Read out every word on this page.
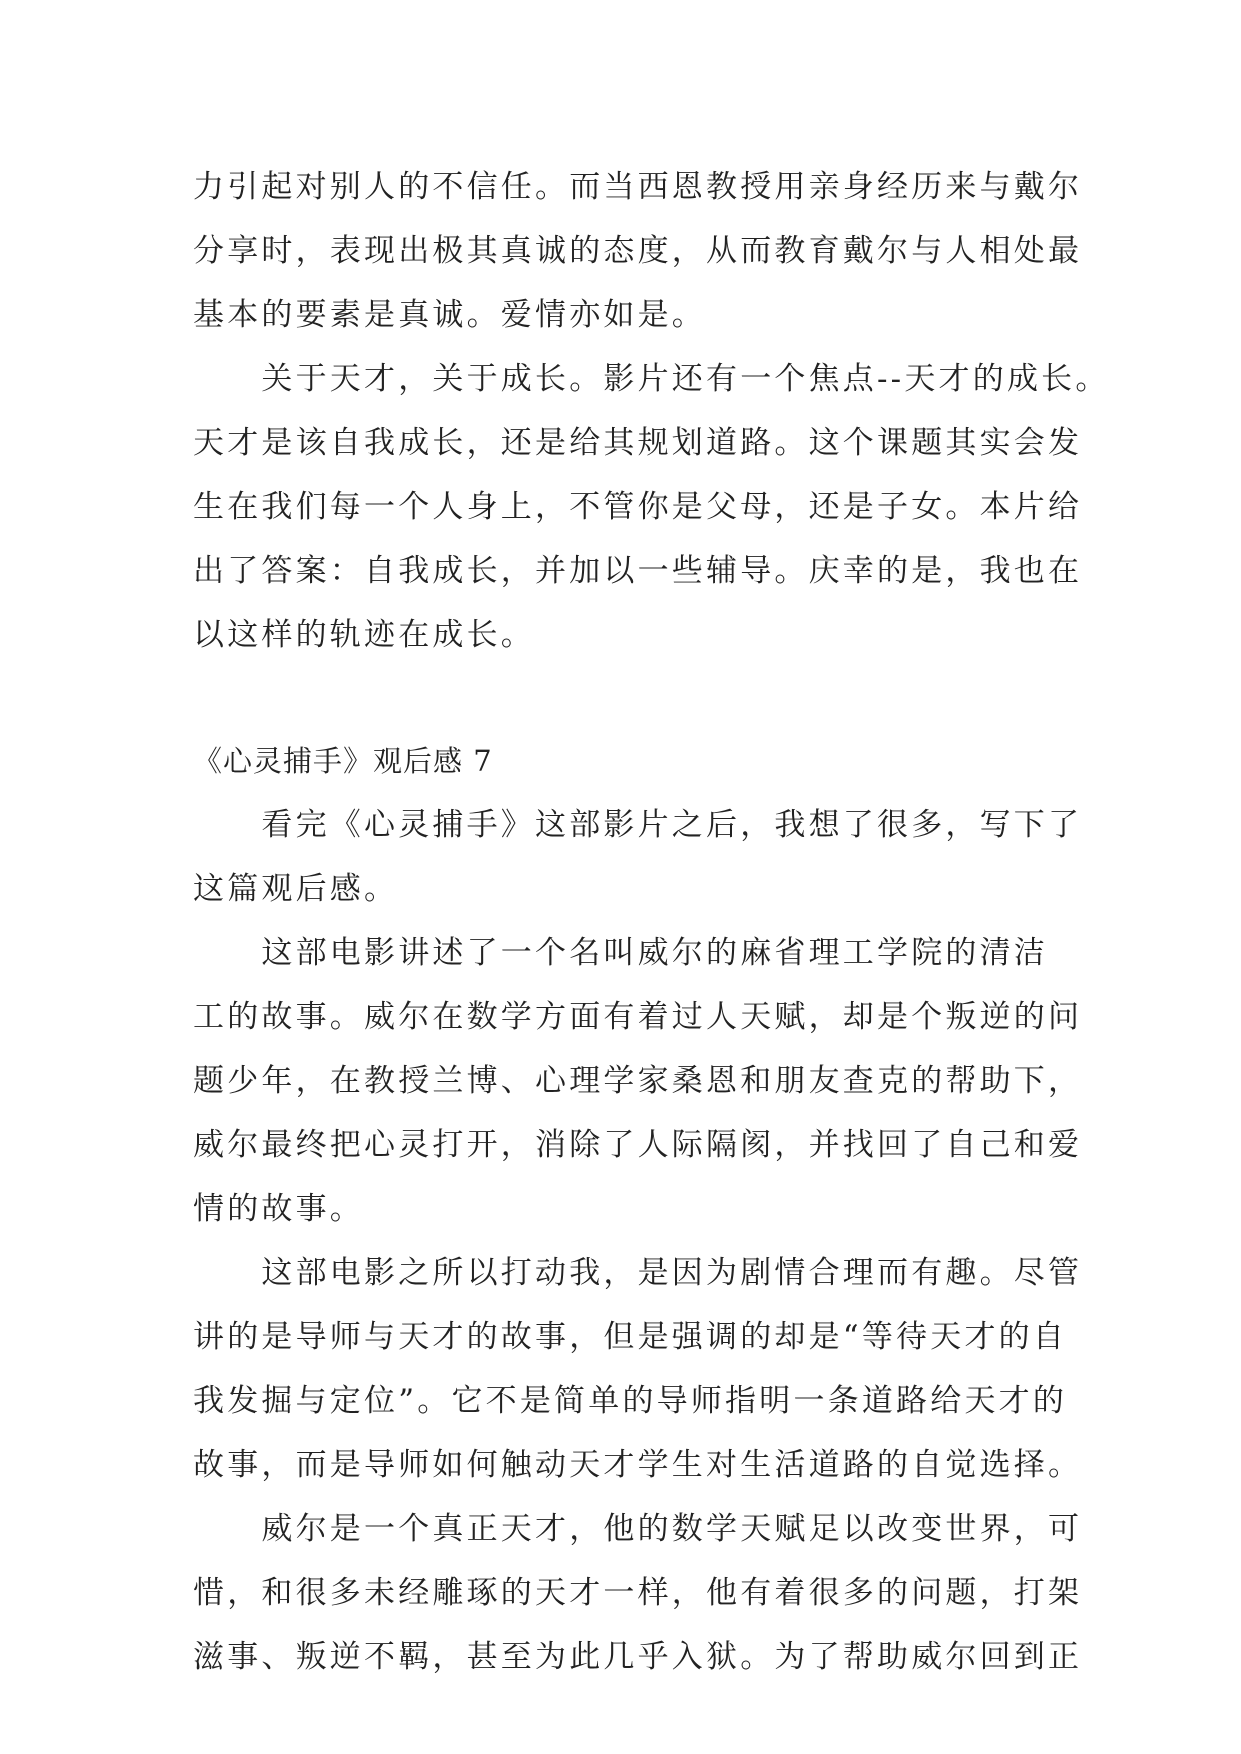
力引起对别人的不信任。而当西恩教授用亲身经历来与戴尔
分享时，表现出极其真诚的态度，从而教育戴尔与人相处最
基本的要素是真诚。爱情亦如是。
　　关于天才，关于成长。影片还有一个焦点--天才的成长。
天才是该自我成长，还是给其规划道路。这个课题其实会发
生在我们每一个人身上，不管你是父母，还是子女。本片给
出了答案：自我成长，并加以一些辅导。庆幸的是，我也在
以这样的轨迹在成长。
《心灵捕手》观后感 7
　　看完《心灵捕手》这部影片之后，我想了很多，写下了
这篇观后感。
　　这部电影讲述了一个名叫威尔的麻省理工学院的清洁
工的故事。威尔在数学方面有着过人天赋，却是个叛逆的问
题少年，在教授兰博、心理学家桑恩和朋友查克的帮助下，
威尔最终把心灵打开，消除了人际隔阂，并找回了自己和爱
情的故事。
　　这部电影之所以打动我，是因为剧情合理而有趣。尽管
讲的是导师与天才的故事，但是强调的却是“等待天才的自
我发掘与定位”。它不是简单的导师指明一条道路给天才的
故事，而是导师如何触动天才学生对生活道路的自觉选择。
　　威尔是一个真正天才，他的数学天赋足以改变世界，可
惜，和很多未经雕琢的天才一样，他有着很多的问题，打架
滋事、叛逆不羁，甚至为此几乎入狱。为了帮助威尔回到正
